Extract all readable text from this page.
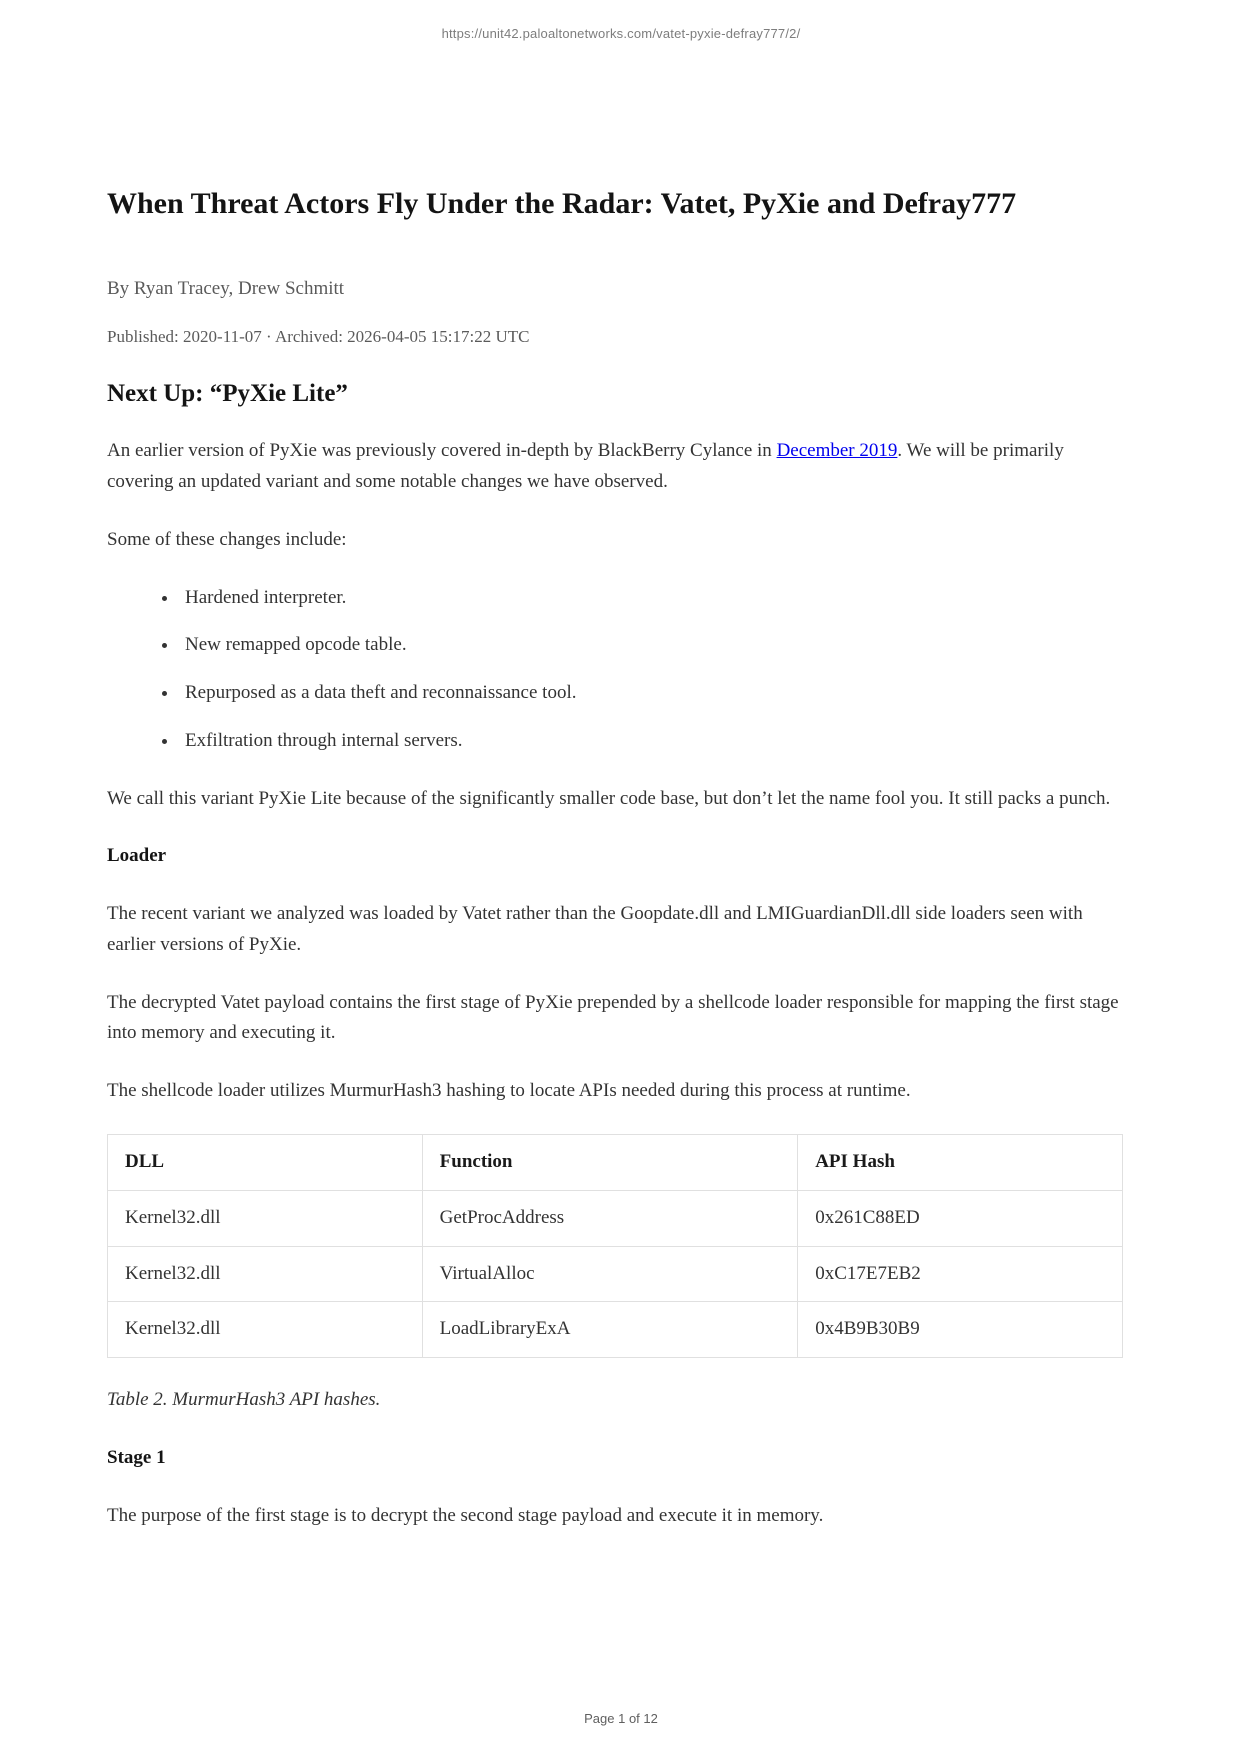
https://unit42.paloaltonetworks.com/vatet-pyxie-defray777/2/
When Threat Actors Fly Under the Radar: Vatet, PyXie and Defray777

By Ryan Tracey, Drew Schmitt

Published: 2020-11-07 · Archived: 2026-04-05 15:17:22 UTC

Next Up: “PyXie Lite”

An earlier version of PyXie was previously covered in-depth by BlackBerry Cylance in December 2019. We will be primarily covering an updated variant and some notable changes we have observed.

Some of these changes include:

• Hardened interpreter.
• New remapped opcode table.
• Repurposed as a data theft and reconnaissance tool.
• Exfiltration through internal servers.

We call this variant PyXie Lite because of the significantly smaller code base, but don’t let the name fool you. It still packs a punch.

Loader

The recent variant we analyzed was loaded by Vatet rather than the Goopdate.dll and LMIGuardianDll.dll side loaders seen with earlier versions of PyXie.

The decrypted Vatet payload contains the first stage of PyXie prepended by a shellcode loader responsible for mapping the first stage into memory and executing it.

The shellcode loader utilizes MurmurHash3 hashing to locate APIs needed during this process at runtime.

DLL	Function	API Hash
Kernel32.dll	GetProcAddress	0x261C88ED
Kernel32.dll	VirtualAlloc	0xC17E7EB2
Kernel32.dll	LoadLibraryExA	0x4B9B30B9

Table 2. MurmurHash3 API hashes.

Stage 1

The purpose of the first stage is to decrypt the second stage payload and execute it in memory.

Page 1 of 12
